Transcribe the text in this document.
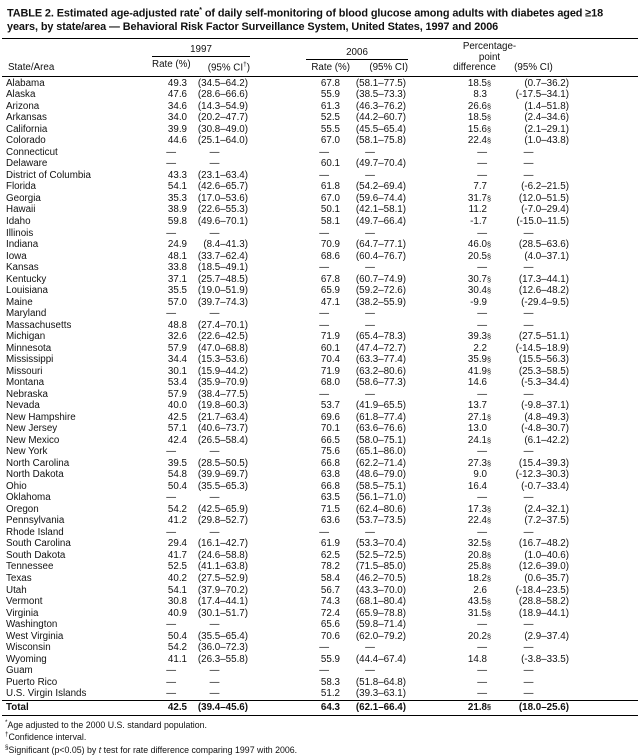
TABLE 2. Estimated age-adjusted rate* of daily self-monitoring of blood glucose among adults with diabetes aged ≥18 years, by state/area — Behavioral Risk Factor Surveillance System, United States, 1997 and 2006
State/Area
1997
Rate (%)	(95% CI†)
2006
Rate (%)	(95% CI)
Percentage-
point
difference	(95% CI)
Alabama	49.3	(34.5–64.2)	67.8	(58.1–77.5)	18.5 §	(0.7–36.2)
Alaska	47.6	(28.6–66.6)	55.9	(38.5–73.3)	8.3	(-17.5–34.1)
Arizona	34.6	(14.3–54.9)	61.3	(46.3–76.2)	26.6 §	(1.4–51.8)
Arkansas	34.0	(20.2–47.7)	52.5	(44.2–60.7)	18.5 §	(2.4–34.6)
California	39.9	(30.8–49.0)	55.5	(45.5–65.4)	15.6 §	(2.1–29.1)
Colorado	44.6	(25.1–64.0)	67.0	(58.1–75.8)	22.4 §	(1.0–43.8)
Connecticut	—	—	—	—	—	—
Delaware	—	—	60.1	(49.7–70.4)	—	—
District of Columbia	43.3	(23.1–63.4)	—	—	—	—
Florida	54.1	(42.6–65.7)	61.8	(54.2–69.4)	7.7	(-6.2–21.5)
Georgia	35.3	(17.0–53.6)	67.0	(59.6–74.4)	31.7 §	(12.0–51.5)
Hawaii	38.9	(22.6–55.3)	50.1	(42.1–58.1)	11.2	(-7.0–29.4)
Idaho	59.8	(49.6–70.1)	58.1	(49.7–66.4)	-1.7	(-15.0–11.5)
Illinois	—	—	—	—	—	—
Indiana	24.9	(8.4–41.3)	70.9	(64.7–77.1)	46.0 §	(28.5–63.6)
Iowa	48.1	(33.7–62.4)	68.6	(60.4–76.7)	20.5 §	(4.0–37.1)
Kansas	33.8	(18.5–49.1)	—	—	—	—
Kentucky	37.1	(25.7–48.5)	67.8	(60.7–74.9)	30.7 §	(17.3–44.1)
Louisiana	35.5	(19.0–51.9)	65.9	(59.2–72.6)	30.4 §	(12.6–48.2)
Maine	57.0	(39.7–74.3)	47.1	(38.2–55.9)	-9.9	(-29.4–9.5)
Maryland	—	—	—	—	—	—
Massachusetts	48.8	(27.4–70.1)	—	—	—	—
Michigan	32.6	(22.6–42.5)	71.9	(65.4–78.3)	39.3 §	(27.5–51.1)
Minnesota	57.9	(47.0–68.8)	60.1	(47.4–72.7)	2.2	(-14.5–18.9)
Mississippi	34.4	(15.3–53.6)	70.4	(63.3–77.4)	35.9 §	(15.5–56.3)
Missouri	30.1	(15.9–44.2)	71.9	(63.2–80.6)	41.9 §	(25.3–58.5)
Montana	53.4	(35.9–70.9)	68.0	(58.6–77.3)	14.6	(-5.3–34.4)
Nebraska	57.9	(38.4–77.5)	—	—	—	—
Nevada	40.0	(19.8–60.3)	53.7	(41.9–65.5)	13.7	(-9.8–37.1)
New Hampshire	42.5	(21.7–63.4)	69.6	(61.8–77.4)	27.1 §	(4.8–49.3)
New Jersey	57.1	(40.6–73.7)	70.1	(63.6–76.6)	13.0	(-4.8–30.7)
New Mexico	42.4	(26.5–58.4)	66.5	(58.0–75.1)	24.1 §	(6.1–42.2)
New York	—	—	75.6	(65.1–86.0)	—	—
North Carolina	39.5	(28.5–50.5)	66.8	(62.2–71.4)	27.3 §	(15.4–39.3)
North Dakota	54.8	(39.9–69.7)	63.8	(48.6–79.0)	9.0	(-12.3–30.3)
Ohio	50.4	(35.5–65.3)	66.8	(58.5–75.1)	16.4	(-0.7–33.4)
Oklahoma	—	—	63.5	(56.1–71.0)	—	—
Oregon	54.2	(42.5–65.9)	71.5	(62.4–80.6)	17.3 §	(2.4–32.1)
Pennsylvania	41.2	(29.8–52.7)	63.6	(53.7–73.5)	22.4 §	(7.2–37.5)
Rhode Island	—	—	—	—	—	—
South Carolina	29.4	(16.1–42.7)	61.9	(53.3–70.4)	32.5 §	(16.7–48.2)
South Dakota	41.7	(24.6–58.8)	62.5	(52.5–72.5)	20.8 §	(1.0–40.6)
Tennessee	52.5	(41.1–63.8)	78.2	(71.5–85.0)	25.8 §	(12.6–39.0)
Texas	40.2	(27.5–52.9)	58.4	(46.2–70.5)	18.2 §	(0.6–35.7)
Utah	54.1	(37.9–70.2)	56.7	(43.3–70.0)	2.6	(-18.4–23.5)
Vermont	30.8	(17.4–44.1)	74.3	(68.1–80.4)	43.5 §	(28.8–58.2)
Virginia	40.9	(30.1–51.7)	72.4	(65.9–78.8)	31.5 §	(18.9–44.1)
Washington	—	—	65.6	(59.8–71.4)	—	—
West Virginia	50.4	(35.5–65.4)	70.6	(62.0–79.2)	20.2 §	(2.9–37.4)
Wisconsin	54.2	(36.0–72.3)	—	—	—	—
Wyoming	41.1	(26.3–55.8)	55.9	(44.4–67.4)	14.8	(-3.8–33.5)
Guam	—	—	—	—	—	—
Puerto Rico	—	—	58.3	(51.8–64.8)	—	—
U.S. Virgin Islands	—	—	51.2	(39.3–63.1)	—	—
Total	42.5	(39.4–45.6)	64.3	(62.1–66.4)	21.8 §	(18.0–25.6)
*Age adjusted to the 2000 U.S. standard population.
†Confidence interval.
§Significant (p<0.05) by t test for rate difference comparing 1997 with 2006.
